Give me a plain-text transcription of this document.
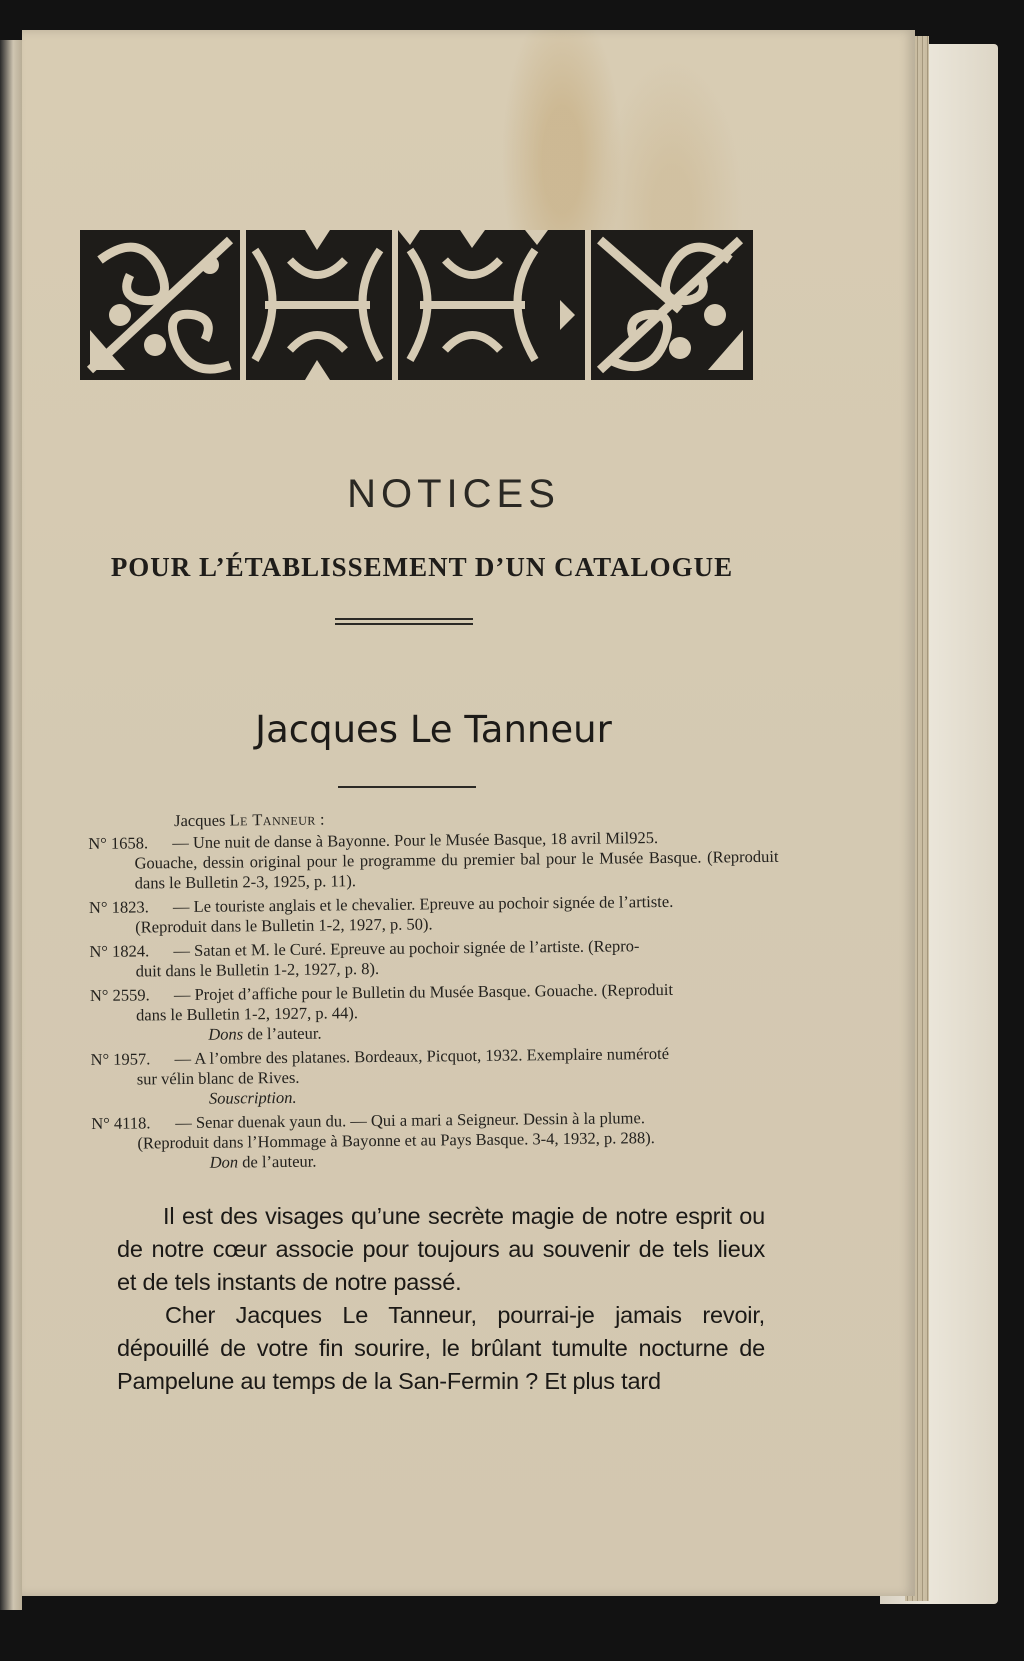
NOTICES
POUR L’ÉTABLISSEMENT D’UN CATALOGUE
Jacques Le Tanneur
Jacques Le Tanneur :
N° 1658.	— Une nuit de danse à Bayonne. Pour le Musée Basque, 18 avril Mil925.
Gouache, dessin original pour le programme du premier bal pour le Musée Basque. (Reproduit dans le Bulletin 2-3, 1925, p. 11).
N° 1823.	— Le touriste anglais et le chevalier. Epreuve au pochoir signée de l’artiste.
(Reproduit dans le Bulletin 1-2, 1927, p. 50).
N° 1824.	— Satan et M. le Curé. Epreuve au pochoir signée de l’artiste. (Repro-
duit dans le Bulletin 1-2, 1927, p. 8).
N° 2559.	— Projet d’affiche pour le Bulletin du Musée Basque. Gouache. (Reproduit
dans le Bulletin 1-2, 1927, p. 44).
Dons de l’auteur.
N° 1957.	— A l’ombre des platanes. Bordeaux, Picquot, 1932. Exemplaire numéroté
sur vélin blanc de Rives.
Souscription.
N° 4118.	— Senar duenak yaun du. — Qui a mari a Seigneur. Dessin à la plume.
(Reproduit dans l’Hommage à Bayonne et au Pays Basque. 3-4, 1932, p. 288).
Don de l’auteur.

Il est des visages qu’une secrète magie de notre esprit ou de notre cœur associe pour toujours au souvenir de tels lieux et de tels instants de notre passé.

Cher Jacques Le Tanneur, pourrai-je jamais revoir, dépouillé de votre fin sourire, le brûlant tumulte nocturne de Pampelune au temps de la San-Fermin ? Et plus tard
